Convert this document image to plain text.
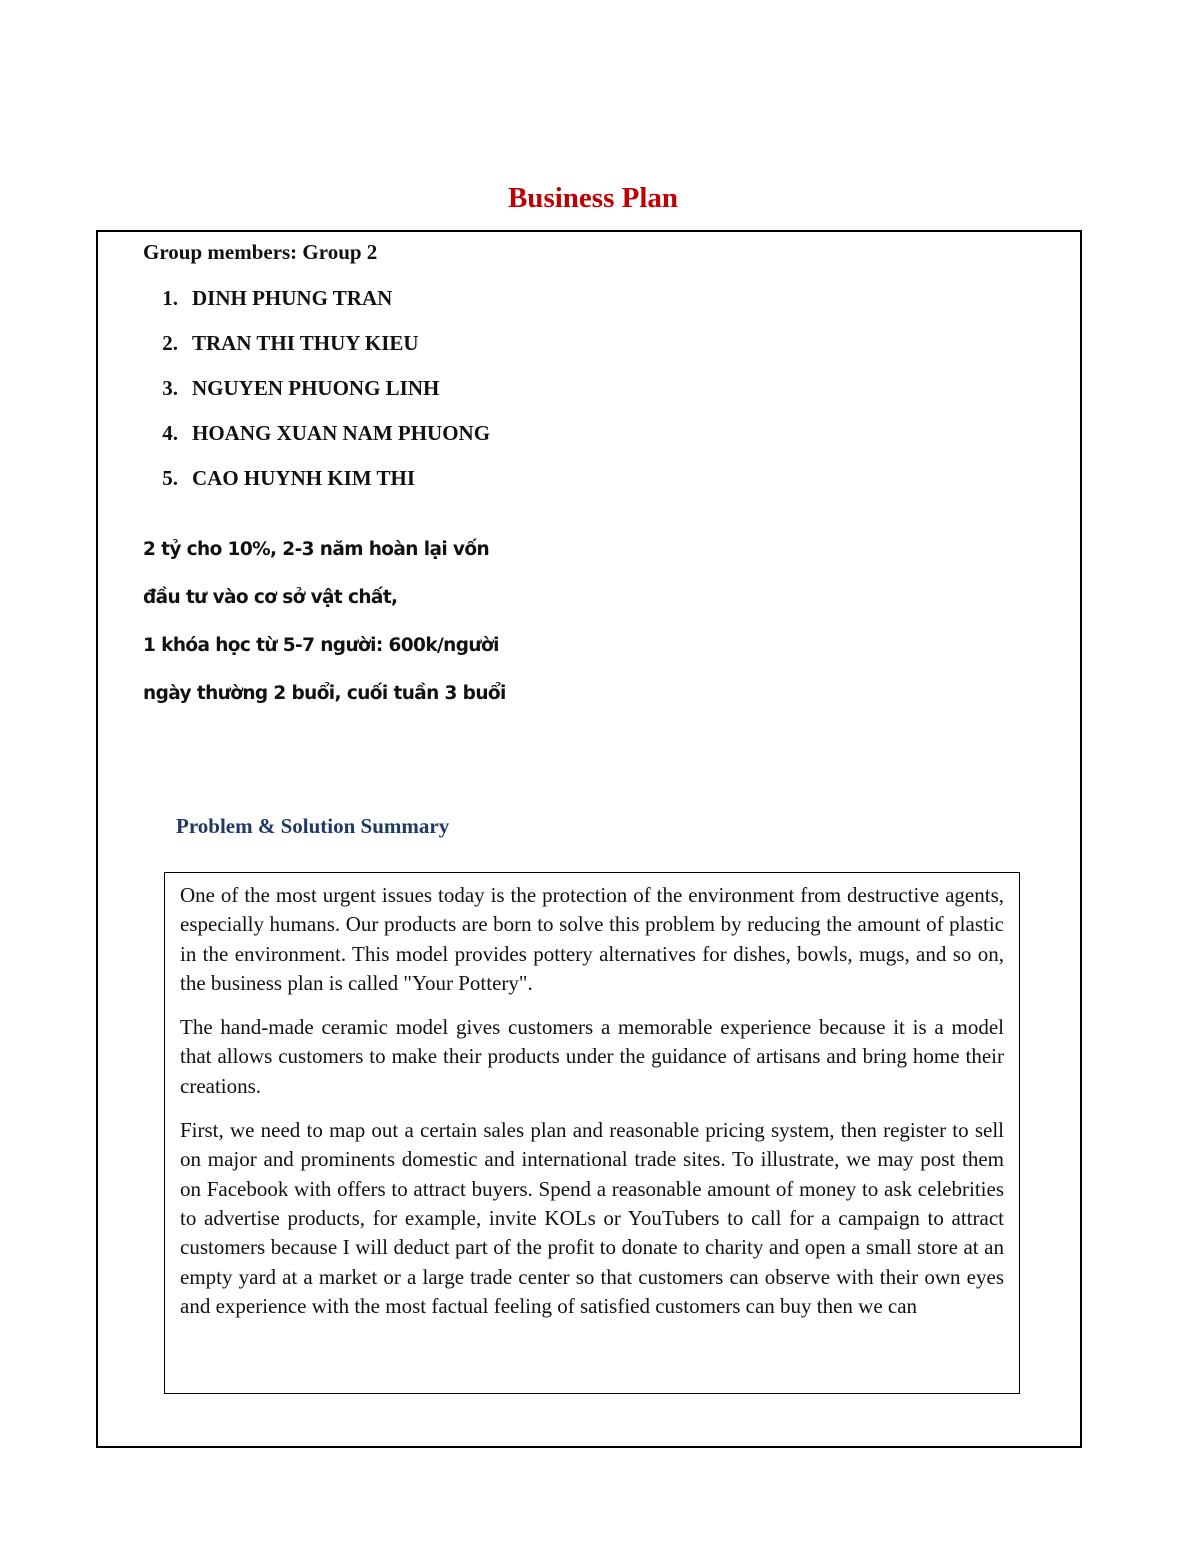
Business Plan

Group members: Group 2

1. DINH PHUNG TRAN
2. TRAN THI THUY KIEU
3. NGUYEN PHUONG LINH
4. HOANG XUAN NAM PHUONG
5. CAO HUYNH KIM THI

2 tỷ cho 10%, 2-3 năm hoàn lại vốn

đầu tư vào cơ sở vật chất,

1 khóa học từ 5-7 người: 600k/người

ngày thường 2 buổi, cuối tuần 3 buổi

Problem & Solution Summary

One of the most urgent issues today is the protection of the environment from destructive agents, especially humans. Our products are born to solve this problem by reducing the amount of plastic in the environment. This model provides pottery alternatives for dishes, bowls, mugs, and so on, the business plan is called "Your Pottery".

The hand-made ceramic model gives customers a memorable experience because it is a model that allows customers to make their products under the guidance of artisans and bring home their creations.

First, we need to map out a certain sales plan and reasonable pricing system, then register to sell on major and prominents domestic and international trade sites. To illustrate, we may post them on Facebook with offers to attract buyers. Spend a reasonable amount of money to ask celebrities to advertise products, for example, invite KOLs or YouTubers to call for a campaign to attract customers because I will deduct part of the profit to donate to charity and open a small store at an empty yard at a market or a large trade center so that customers can observe with their own eyes and experience with the most factual feeling of satisfied customers can buy then we can
